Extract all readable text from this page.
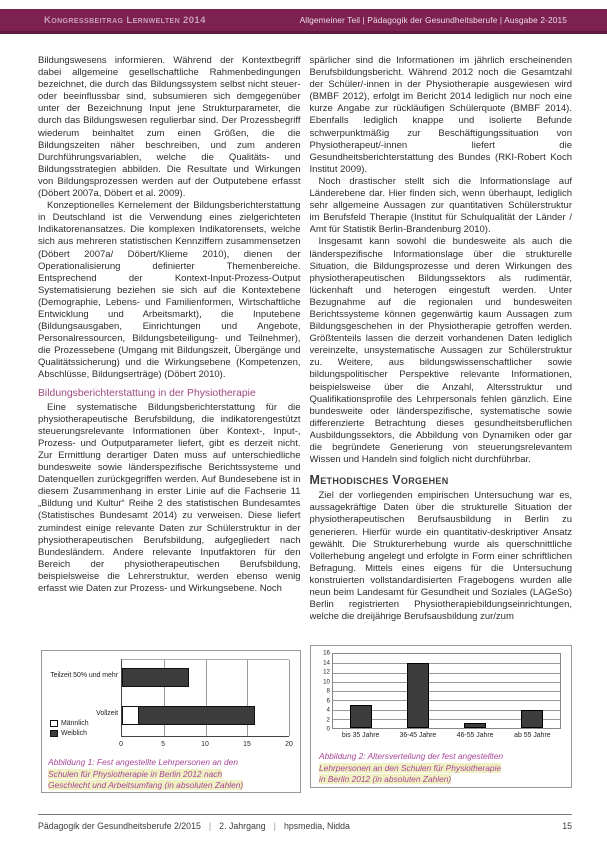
Kongressbeitrag Lernwelten 2014	Allgemeiner Teil | Pädagogik der Gesundheitsberufe | Ausgabe 2-2015

Bildungswesens informieren. Während der Kontextbegriff dabei allgemeine gesellschaftliche Rahmenbedingungen bezeichnet, die durch das Bildungssystem selbst nicht steuer- oder beeinflussbar sind, subsumieren sich demgegenüber unter der Bezeichnung Input jene Strukturparameter, die durch das Bildungswesen regulierbar sind. Der Prozessbegriff wiederum beinhaltet zum einen Größen, die die Bildungszeiten näher beschreiben, und zum anderen Durchführungsvariablen, welche die Qualitäts- und Bildungsstrategien abbilden. Die Resultate und Wirkungen von Bildungsprozessen werden auf der Outputebene erfasst (Döbert 2007a, Döbert et al. 2009).

Konzeptionelles Kernelement der Bildungsberichterstattung in Deutschland ist die Verwendung eines zielgerichteten Indikatorenansatzes. Die komplexen Indikatorensets, welche sich aus mehreren statistischen Kennziffern zusammensetzen (Döbert 2007a/ Döbert/Klieme 2010), dienen der Operationalisierung definierter Themenbereiche. Entsprechend der Kontext-Input-Prozess-Output Systematisierung beziehen sie sich auf die Kontextebene (Demographie, Lebens- und Familienformen, Wirtschaftliche Entwicklung und Arbeitsmarkt), die Inputebene (Bildungsausgaben, Einrichtungen und Angebote, Personalressourcen, Bildungsbeteiligung- und Teilnehmer), die Prozessebene (Umgang mit Bildungszeit, Übergänge und Qualitätssicherung) und die Wirkungsebene (Kompetenzen, Abschlüsse, Bildungserträge) (Döbert 2010).

Bildungsberichterstattung in der Physiotherapie

Eine systematische Bildungsberichterstattung für die physiotherapeutische Berufsbildung, die indikatorengestützt steuerungsrelevante Informationen über Kontext-, Input-, Prozess- und Outputparameter liefert, gibt es derzeit nicht. Zur Ermittlung derartiger Daten muss auf unterschiedliche bundesweite sowie länderspezifische Berichtssysteme und Datenquellen zurückgegriffen werden. Auf Bundesebene ist in diesem Zusammenhang in erster Linie auf die Fachserie 11 „Bildung und Kultur“ Reihe 2 des statistischen Bundesamtes (Statistisches Bundesamt 2014) zu verweisen. Diese liefert zumindest einige relevante Daten zur Schülerstruktur in der physiotherapeutischen Berufsbildung, aufgegliedert nach Bundesländern. Andere relevante Inputfaktoren für den Bereich der physiotherapeutischen Berufsbildung, beispielsweise die Lehrerstruktur, werden ebenso wenig erfasst wie Daten zur Prozess- und Wirkungsebene. Noch

spärlicher sind die Informationen im jährlich erscheinenden Berufsbildungsbericht. Während 2012 noch die Gesamtzahl der Schüler/-innen in der Physiotherapie ausgewiesen wird (BMBF 2012), erfolgt im Bericht 2014 lediglich nur noch eine kurze Angabe zur rückläufigen Schülerquote (BMBF 2014). Ebenfalls lediglich knappe und isolierte Befunde schwerpunktmäßig zur Beschäftigungssituation von Physiotherapeut/-innen liefert die Gesundheitsberichterstattung des Bundes (RKI-Robert Koch Institut 2009).

Noch drastischer stellt sich die Informationslage auf Länderebene dar. Hier finden sich, wenn überhaupt, lediglich sehr allgemeine Aussagen zur quantitativen Schülerstruktur im Berufsfeld Therapie (Institut für Schulqualität der Länder / Amt für Statistik Berlin-Brandenburg 2010).

Insgesamt kann sowohl die bundesweite als auch die länderspezifische Informationslage über die strukturelle Situation, die Bildungsprozesse und deren Wirkungen des physiotherapeutischen Bildungssektors als rudimentär, lückenhaft und heterogen eingestuft werden. Unter Bezugnahme auf die regionalen und bundesweiten Berichtssysteme können gegenwärtig kaum Aussagen zum Bildungsgeschehen in der Physiotherapie getroffen werden. Größtenteils lassen die derzeit vorhandenen Daten lediglich vereinzelte, unsystematische Aussagen zur Schülerstruktur zu. Weitere, aus bildungswissenschaftlicher sowie bildungspolitischer Perspektive relevante Informationen, beispielsweise über die Anzahl, Altersstruktur und Qualifikationsprofile des Lehrpersonals fehlen gänzlich. Eine bundesweite oder länderspezifische, systematische sowie differenzierte Betrachtung dieses gesundheitsberuflichen Ausbildungssektors, die Abbildung von Dynamiken oder gar die begründete Generierung von steuerungsrelevantem Wissen und Handeln sind folglich nicht durchführbar.

Methodisches Vorgehen

Ziel der vorliegenden empirischen Untersuchung war es, aussagekräftige Daten über die strukturelle Situation der physiotherapeutischen Berufsausbildung in Berlin zu generieren. Hierfür wurde ein quantitativ-deskriptiver Ansatz gewählt. Die Strukturerhebung wurde als querschnittliche Vollerhebung angelegt und erfolgte in Form einer schriftlichen Befragung. Mittels eines eigens für die Untersuchung konstruierten vollstandardisierten Fragebogens wurden alle neun beim Landesamt für Gesundheit und Soziales (LAGeSo) Berlin registrierten Physiotherapiebildungseinrichtungen, welche die dreijährige Berufsausbildung zur/zum

Teilzeit 50% und mehr
Vollzeit
0	5	10	15	20
Männlich
Weiblich
Abbildung 1: Fest angestellte Lehrpersonen an den
Schulen für Physiotherapie in Berlin 2012 nach
Geschlecht und Arbeitsumfang (in absoluten Zahlen)
0
2
4
6
8
10
12
14
16
bis 35 Jahre	36-45 Jahre	46-55 Jahre	ab 55 Jahre
Abbildung 2: Altersverteilung der fest angestellten
Lehrpersonen an den Schulen für Physiotherapie
in Berlin 2012 (in absoluten Zahlen)
Pädagogik der Gesundheitsberufe 2/2015 | 2. Jahrgang | hpsmedia, Nidda	15
